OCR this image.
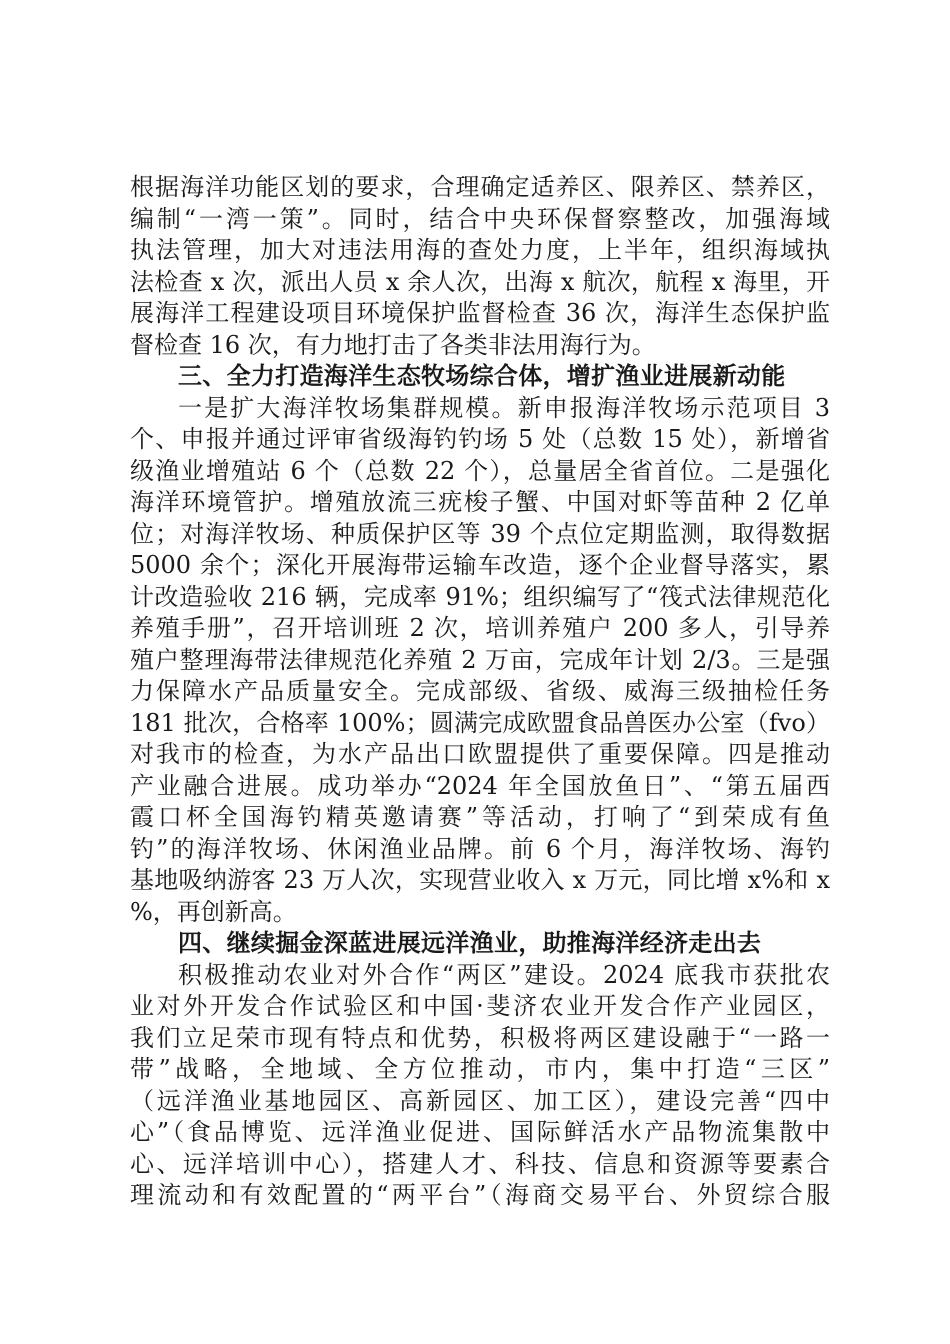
根据海洋功能区划的要求，合理确定适养区、限养区、禁养区，
编制“一湾一策”。同时，结合中央环保督察整改，加强海域
执法管理，加大对违法用海的查处力度，上半年，组织海域执
法检查 x 次，派出人员 x 余人次，出海 x 航次，航程 x 海里，开
展海洋工程建设项目环境保护监督检查 36 次，海洋生态保护监
督检查 16 次，有力地打击了各类非法用海行为。
三、全力打造海洋生态牧场综合体，增扩渔业进展新动能
一是扩大海洋牧场集群规模。新申报海洋牧场示范项目 3
个、申报并通过评审省级海钓钓场 5 处（总数 15 处），新增省
级渔业增殖站 6 个（总数 22 个），总量居全省首位。二是强化
海洋环境管护。增殖放流三疣梭子蟹、中国对虾等苗种 2 亿单
位；对海洋牧场、种质保护区等 39 个点位定期监测，取得数据
5000 余个；深化开展海带运输车改造，逐个企业督导落实，累
计改造验收 216 辆，完成率 91%；组织编写了“筏式法律规范化
养殖手册”，召开培训班 2 次，培训养殖户 200 多人，引导养
殖户整理海带法律规范化养殖 2 万亩，完成年计划 2/3。三是强
力保障水产品质量安全。完成部级、省级、威海三级抽检任务
181 批次，合格率 100%；圆满完成欧盟食品兽医办公室（fvo）
对我市的检查，为水产品出口欧盟提供了重要保障。四是推动
产业融合进展。成功举办“2024 年全国放鱼日”、“第五届西
霞口杯全国海钓精英邀请赛”等活动，打响了“到荣成有鱼
钓”的海洋牧场、休闲渔业品牌。前 6 个月，海洋牧场、海钓
基地吸纳游客 23 万人次，实现营业收入 x 万元，同比增 x%和 x
%，再创新高。
四、继续掘金深蓝进展远洋渔业，助推海洋经济走出去
积极推动农业对外合作“两区”建设。2024 底我市获批农
业对外开发合作试验区和中国·斐济农业开发合作产业园区，
我们立足荣市现有特点和优势，积极将两区建设融于“一路一
带”战略，全地域、全方位推动，市内，集中打造“三区”
（远洋渔业基地园区、高新园区、加工区），建设完善“四中
心”（食品博览、远洋渔业促进、国际鲜活水产品物流集散中
心、远洋培训中心），搭建人才、科技、信息和资源等要素合
理流动和有效配置的“两平台”（海商交易平台、外贸综合服
